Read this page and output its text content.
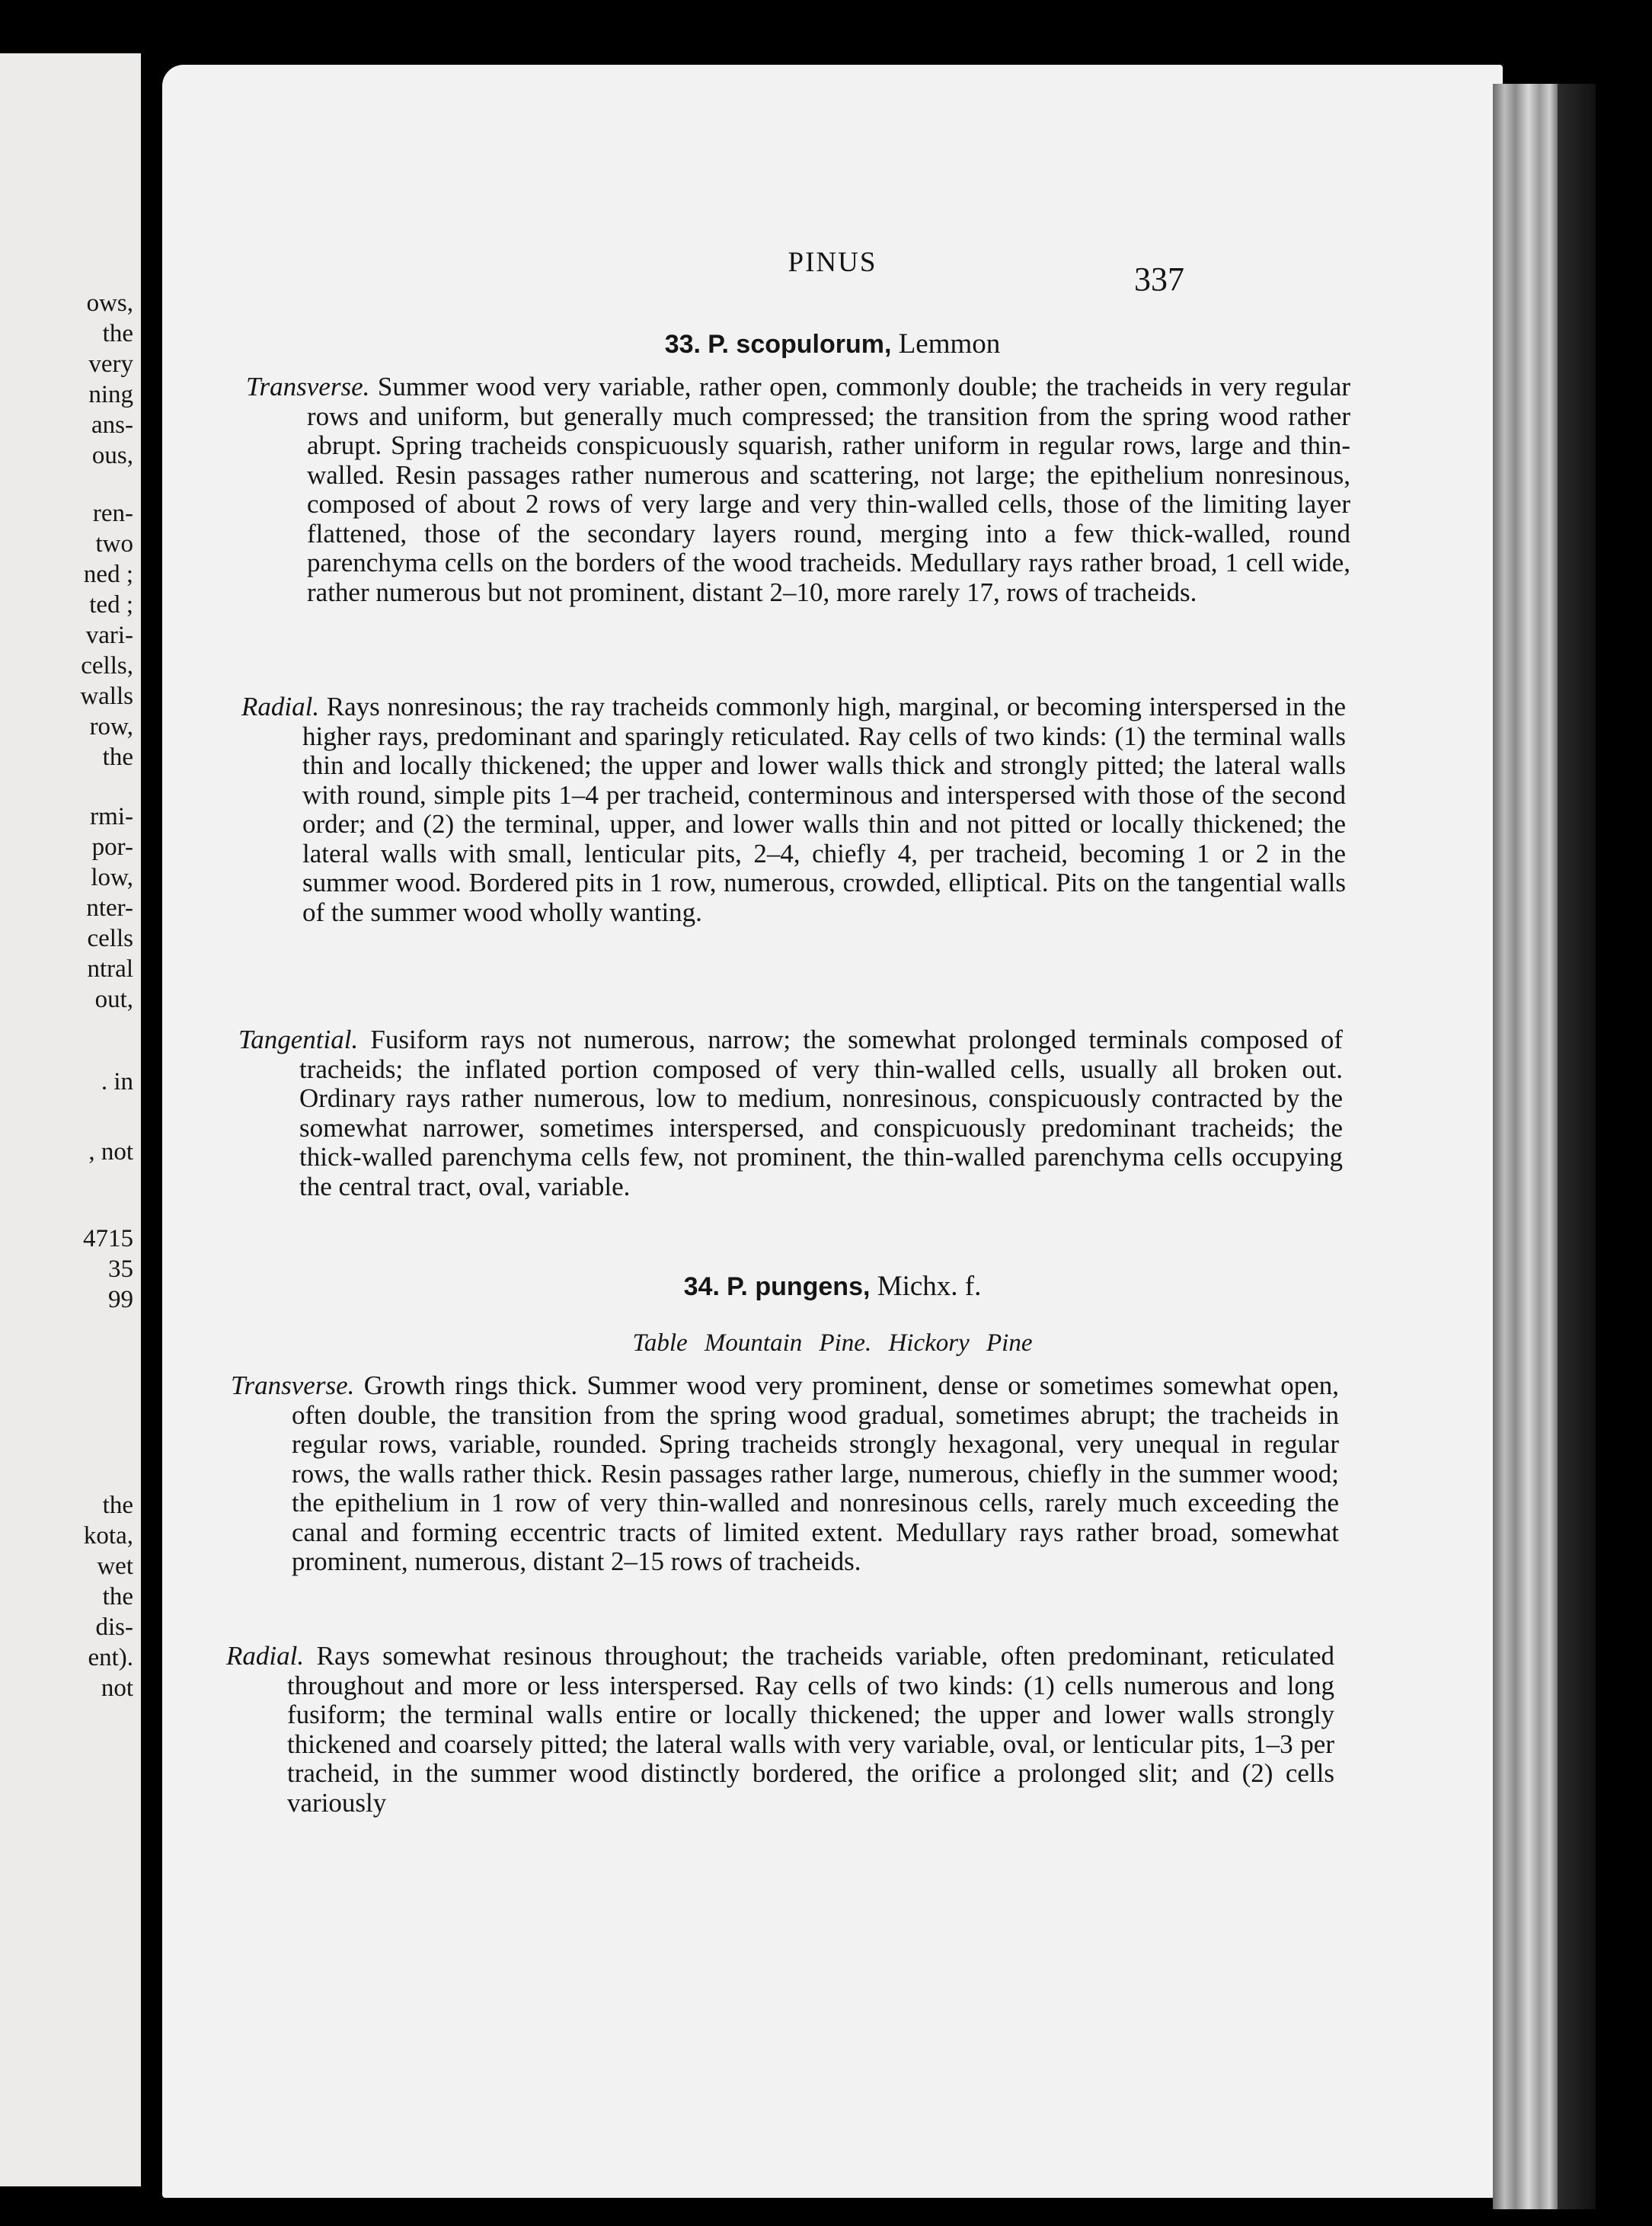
ows,
the
very
ning
ans-
ous,
ren-
two
ned ;
ted ;
vari-
cells,
walls
row,
the
rmi-
por-
low,
nter-
cells
ntral
out,
. in
, not
4715
35
99
the
kota,
wet
the
dis-
ent).
not
PINUS	337
33. P. scopulorum, Lemmon
Transverse. Summer wood very variable, rather open, commonly double; the tracheids in very regular rows and uniform, but generally much compressed; the transition from the spring wood rather abrupt. Spring tracheids conspicuously squarish, rather uniform in regular rows, large and thin-walled. Resin passages rather numerous and scattering, not large; the epithelium nonresinous, composed of about 2 rows of very large and very thin-walled cells, those of the limiting layer flattened, those of the secondary layers round, merging into a few thick-walled, round parenchyma cells on the borders of the wood tracheids. Medullary rays rather broad, 1 cell wide, rather numerous but not prominent, distant 2–10, more rarely 17, rows of tracheids.
Radial. Rays nonresinous; the ray tracheids commonly high, marginal, or becoming interspersed in the higher rays, predominant and sparingly reticulated. Ray cells of two kinds: (1) the terminal walls thin and locally thickened; the upper and lower walls thick and strongly pitted; the lateral walls with round, simple pits 1–4 per tracheid, conterminous and interspersed with those of the second order; and (2) the terminal, upper, and lower walls thin and not pitted or locally thickened; the lateral walls with small, lenticular pits, 2–4, chiefly 4, per tracheid, becoming 1 or 2 in the summer wood. Bordered pits in 1 row, numerous, crowded, elliptical. Pits on the tangential walls of the summer wood wholly wanting.
Tangential. Fusiform rays not numerous, narrow; the somewhat prolonged terminals composed of tracheids; the inflated portion composed of very thin-walled cells, usually all broken out. Ordinary rays rather numerous, low to medium, nonresinous, conspicuously contracted by the somewhat narrower, sometimes interspersed, and conspicuously predominant tracheids; the thick-walled parenchyma cells few, not prominent, the thin-walled parenchyma cells occupying the central tract, oval, variable.
34. P. pungens, Michx. f.
Table Mountain Pine. Hickory Pine
Transverse. Growth rings thick. Summer wood very prominent, dense or sometimes somewhat open, often double, the transition from the spring wood gradual, sometimes abrupt; the tracheids in regular rows, variable, rounded. Spring tracheids strongly hexagonal, very unequal in regular rows, the walls rather thick. Resin passages rather large, numerous, chiefly in the summer wood; the epithelium in 1 row of very thin-walled and nonresinous cells, rarely much exceeding the canal and forming eccentric tracts of limited extent. Medullary rays rather broad, somewhat prominent, numerous, distant 2–15 rows of tracheids.
Radial. Rays somewhat resinous throughout; the tracheids variable, often predominant, reticulated throughout and more or less interspersed. Ray cells of two kinds: (1) cells numerous and long fusiform; the terminal walls entire or locally thickened; the upper and lower walls strongly thickened and coarsely pitted; the lateral walls with very variable, oval, or lenticular pits, 1–3 per tracheid, in the summer wood distinctly bordered, the orifice a prolonged slit; and (2) cells variously
